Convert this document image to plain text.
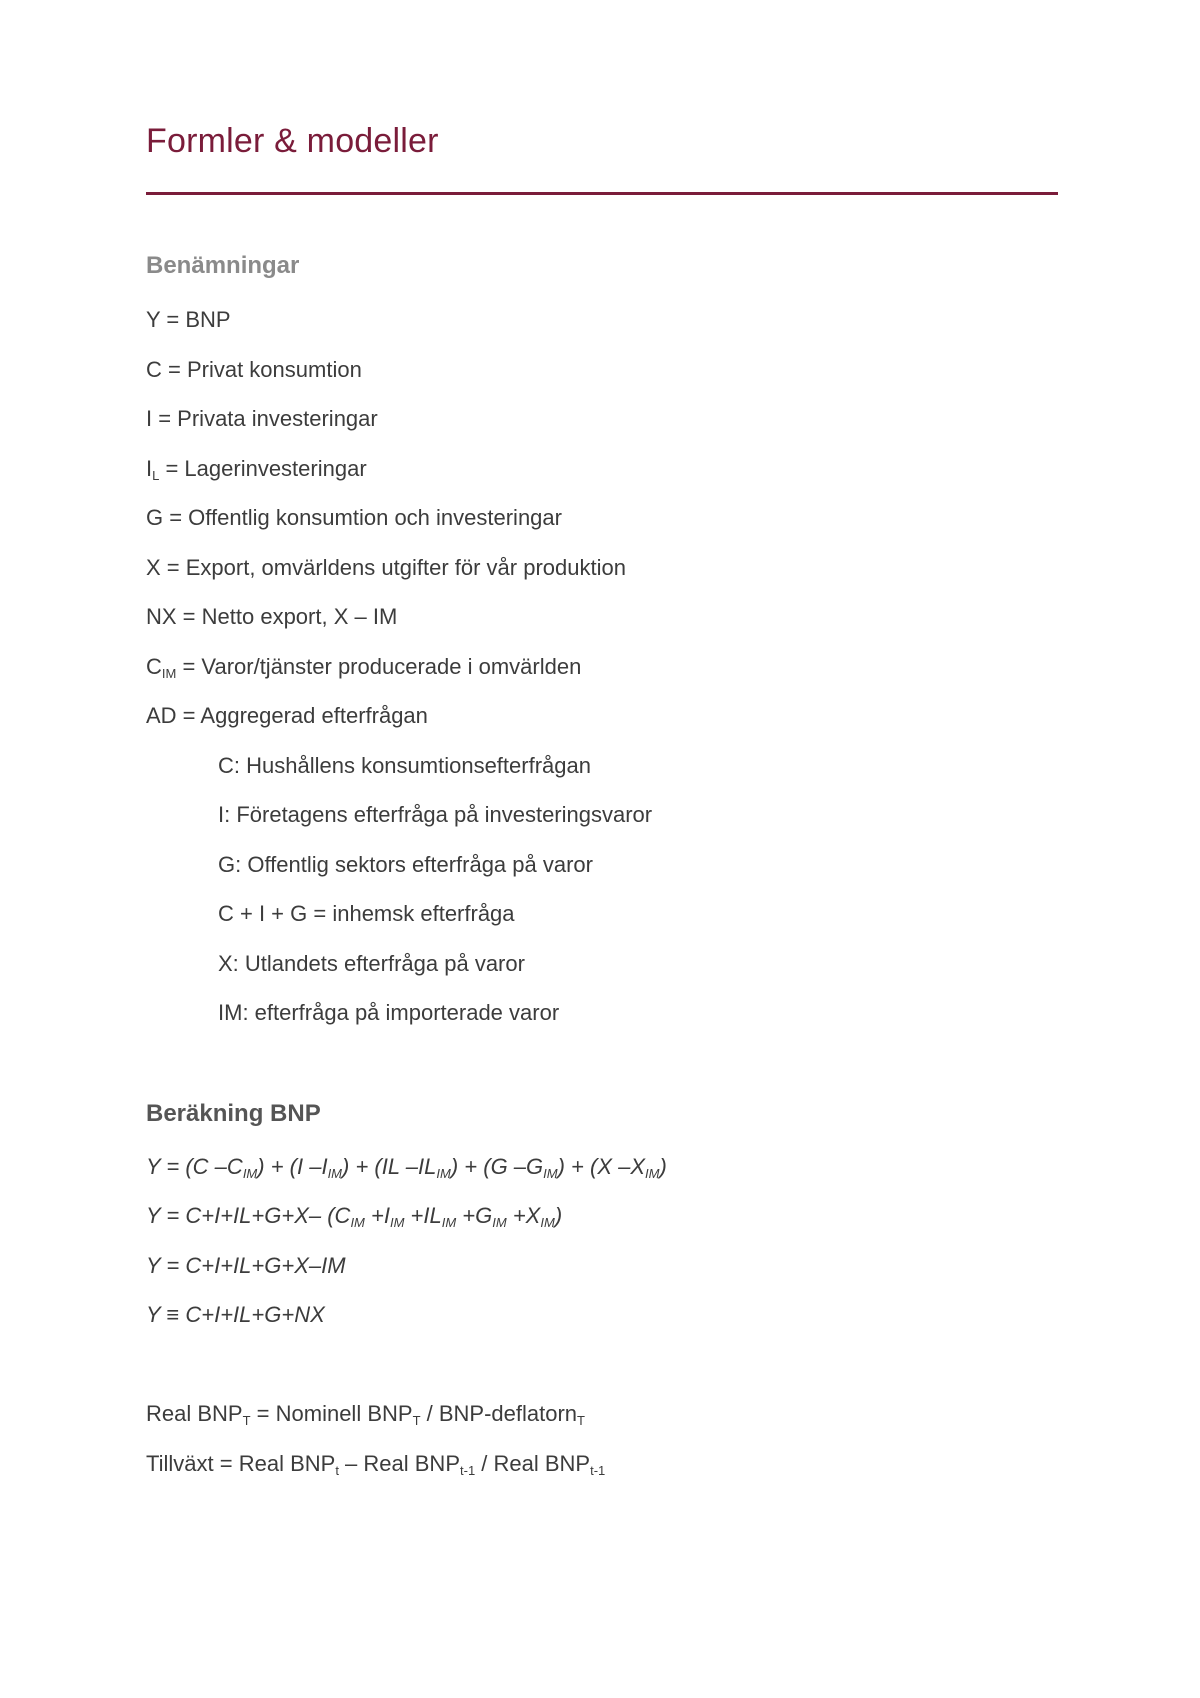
Formler & modeller
Benämningar
Y = BNP
C = Privat konsumtion
I = Privata investeringar
$I_L$ = Lagerinvesteringar
G = Offentlig konsumtion och investeringar
X = Export, omvärldens utgifter för vår produktion
NX = Netto export, X – IM
$C_{IM}$ = Varor/tjänster producerade i omvärlden
AD = Aggregerad efterfrågan
C: Hushållens konsumtionsefterfrågan
I: Företagens efterfråga på investeringsvaror
G: Offentlig sektors efterfråga på varor
C + I + G = inhemsk efterfråga
X: Utlandets efterfråga på varor
IM: efterfråga på importerade varor
Beräkning BNP
Y = (C $-C_{IM}) + (I$ $-I_{IM}) + (IL$ $-IL_{IM}) + (G$ $-G_{IM}) + (X$ $-X_{IM}$)
Y = C+I+IL+G+X– $(C_{IM} +I_{IM} +IL_{IM} +G_{IM} +X_{IM})$
Y = C+I+IL+G+X–IM
Y ≡ C+I+IL+G+NX
Real $BNP_T$ = Nominell $BNP_T$ / BNP-deflatorn$_T$
Tillväxt = Real $BNP_t$ – Real $BNP_{t-1}$ / Real $BNP_{t-1}$
